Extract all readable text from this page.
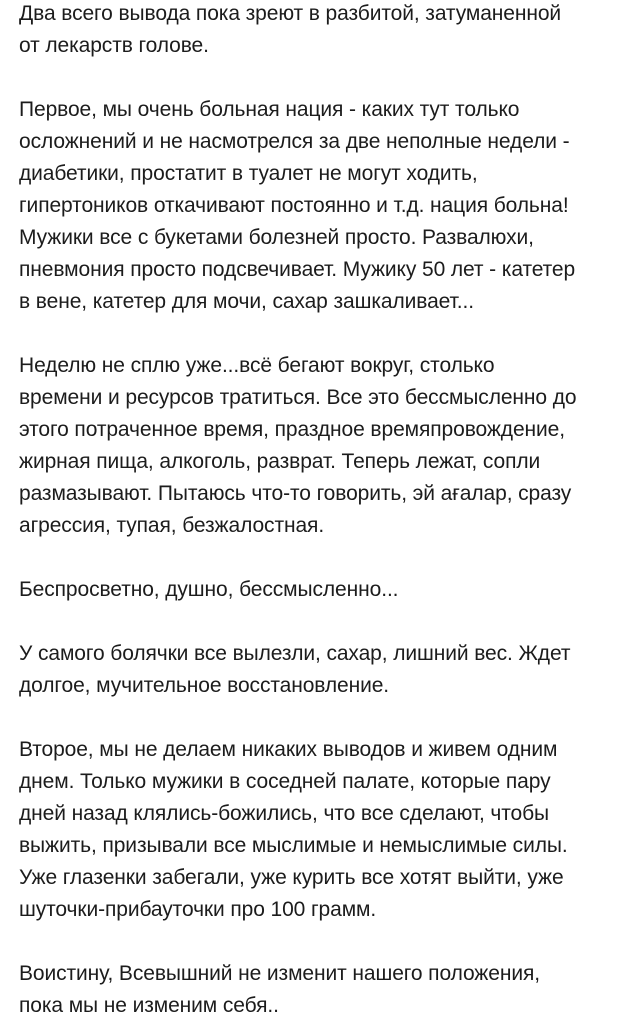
Два всего вывода пока зреют в разбитой, затуманенной
от лекарств голове.
Первое, мы очень больная нация - каких тут только
осложнений и не насмотрелся за две неполные недели -
диабетики, простатит в туалет не могут ходить,
гипертоников откачивают постоянно и т.д. нация больна!
Мужики все с букетами болезней просто. Развалюхи,
пневмония просто подсвечивает. Мужику 50 лет - катетер
в вене, катетер для мочи, сахар зашкаливает...
Неделю не сплю уже...всё бегают вокруг, столько
времени и ресурсов тратиться. Все это бессмысленно до
этого потраченное время, праздное времяпровождение,
жирная пища, алкоголь, разврат. Теперь лежат, сопли
размазывают. Пытаюсь что-то говорить, эй ағалар, сразу
агрессия, тупая, безжалостная.
Беспросветно, душно, бессмысленно...
У самого болячки все вылезли, сахар, лишний вес. Ждет
долгое, мучительное восстановление.
Второе, мы не делаем никаких выводов и живем одним
днем. Только мужики в соседней палате, которые пару
дней назад клялись-божились, что все сделают, чтобы
выжить, призывали все мыслимые и немыслимые силы.
Уже глазенки забегали, уже курить все хотят выйти, уже
шуточки-прибауточки про 100 грамм.
Воистину, Всевышний не изменит нашего положения,
пока мы не изменим себя..
